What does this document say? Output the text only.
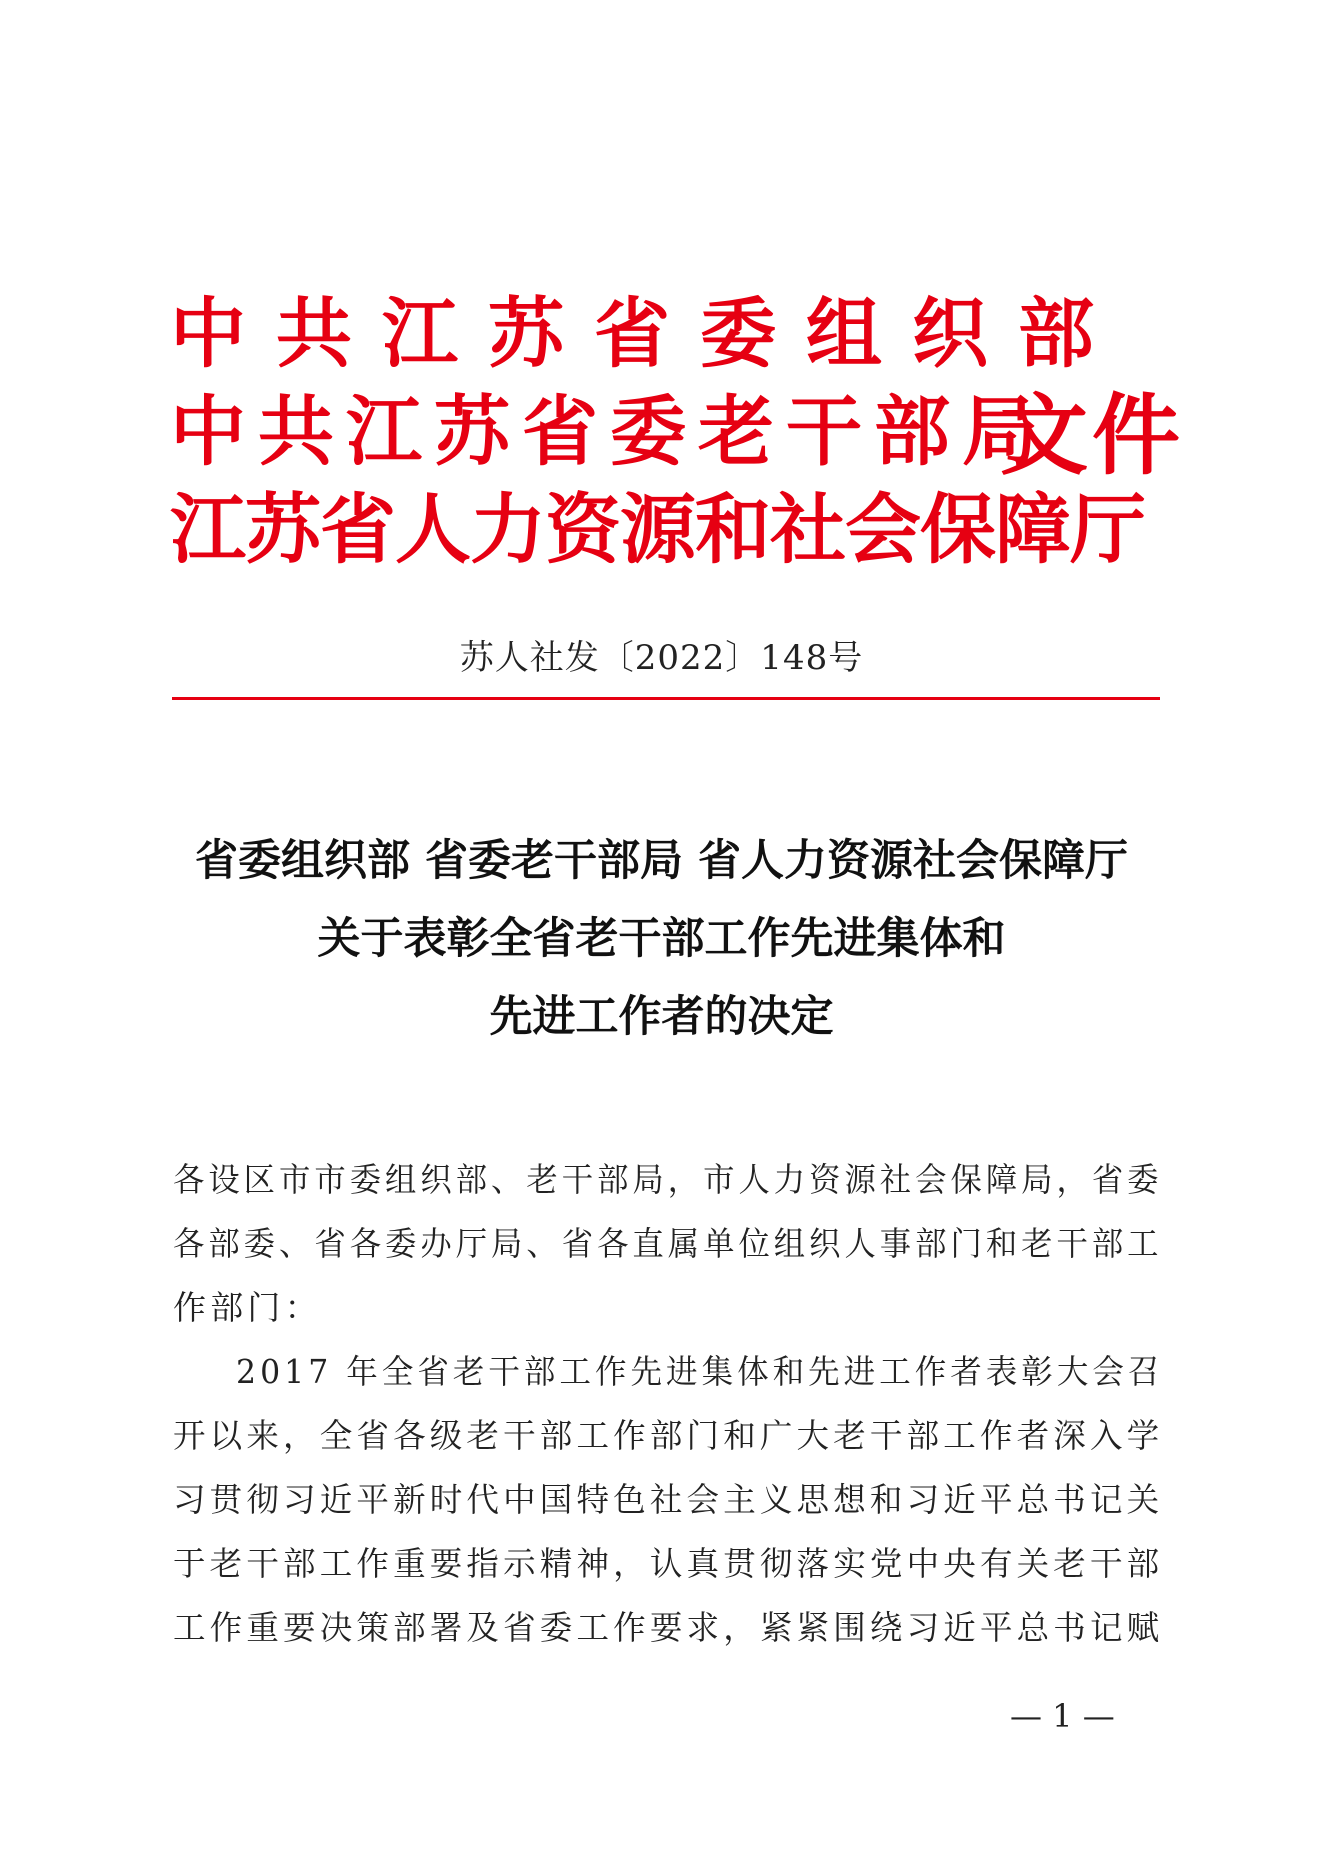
中共江苏省委组织部
中共江苏省委老干部局
江苏省人力资源和社会保障厅
文件
苏人社发〔2022〕148号
省委组织部 省委老干部局 省人力资源社会保障厅
关于表彰全省老干部工作先进集体和
先进工作者的决定
各设区市市委组织部、老干部局，市人力资源社会保障局，省委
各部委、省各委办厅局、省各直属单位组织人事部门和老干部工
作部门：
2017 年全省老干部工作先进集体和先进工作者表彰大会召
开以来，全省各级老干部工作部门和广大老干部工作者深入学
习贯彻习近平新时代中国特色社会主义思想和习近平总书记关
于老干部工作重要指示精神，认真贯彻落实党中央有关老干部
工作重要决策部署及省委工作要求，紧紧围绕习近平总书记赋
— 1 —
